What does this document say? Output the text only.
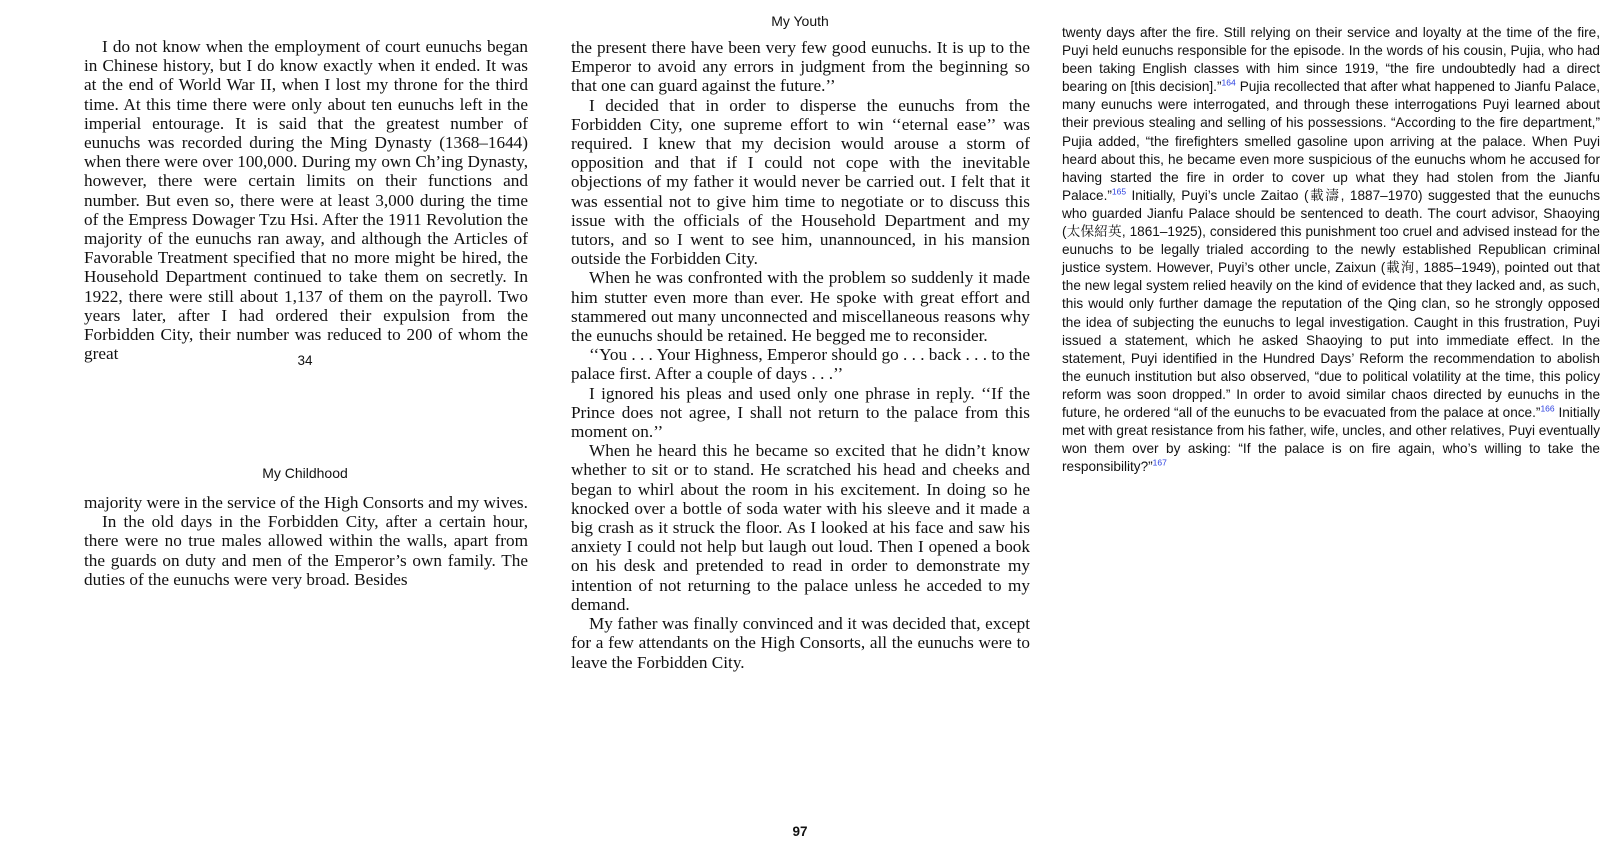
I do not know when the employment of court eunuchs began in Chinese history, but I do know exactly when it ended. It was at the end of World War II, when I lost my throne for the third time. At this time there were only about ten eunuchs left in the imperial entourage. It is said that the greatest number of eunuchs was recorded during the Ming Dynasty (1368–1644) when there were over 100,000. During my own Ch’ing Dynasty, however, there were certain limits on their functions and number. But even so, there were at least 3,000 during the time of the Empress Dowager Tzu Hsi. After the 1911 Revolution the majority of the eunuchs ran away, and although the Articles of Favorable Treatment specified that no more might be hired, the Household Department continued to take them on secretly. In 1922, there were still about 1,137 of them on the payroll. Two years later, after I had ordered their expulsion from the Forbidden City, their number was reduced to 200 of whom the great	34
My Childhood

majority were in the service of the High Consorts and my wives.

In the old days in the Forbidden City, after a certain hour, there were no true males allowed within the walls, apart from the guards on duty and men of the Emperor’s own family. The duties of the eunuchs were very broad. Besides

My Youth

the present there have been very few good eunuchs. It is up to the Emperor to avoid any errors in judgment from the beginning so that one can guard against the future.’’

I decided that in order to disperse the eunuchs from the Forbidden City, one supreme effort to win ‘‘eternal ease’’ was required. I knew that my decision would arouse a storm of opposition and that if I could not cope with the inevitable objections of my father it would never be carried out. I felt that it was essential not to give him time to negotiate or to discuss this issue with the officials of the Household Department and my tutors, and so I went to see him, unannounced, in his mansion outside the Forbidden City.

When he was confronted with the problem so suddenly it made him stutter even more than ever. He spoke with great effort and stammered out many unconnected and miscellaneous reasons why the eunuchs should be retained. He begged me to reconsider.

‘‘You . . . Your Highness, Emperor should go . . . back . . . to the palace first. After a couple of days . . .’’

I ignored his pleas and used only one phrase in reply. ‘‘If the Prince does not agree, I shall not return to the palace from this moment on.’’

When he heard this he became so excited that he didn’t know whether to sit or to stand. He scratched his head and cheeks and began to whirl about the room in his excitement. In doing so he knocked over a bottle of soda water with his sleeve and it made a big crash as it struck the floor. As I looked at his face and saw his anxiety I could not help but laugh out loud. Then I opened a book on his desk and pretended to read in order to demonstrate my intention of not returning to the palace unless he acceded to my demand.

My father was finally convinced and it was decided that, except for a few attendants on the High Consorts, all the eunuchs were to leave the Forbidden City.

97

twenty days after the fire. Still relying on their service and loyalty at the time of the fire, Puyi held eunuchs responsible for the episode. In the words of his cousin, Pujia, who had been taking English classes with him since 1919, “the fire undoubtedly had a direct bearing on [this decision].”$^{164}$ Pujia recollected that after what happened to Jianfu Palace, many eunuchs were interrogated, and through these interrogations Puyi learned about their previous stealing and selling of his possessions. “According to the fire department,” Pujia added, “the firefighters smelled gasoline upon arriving at the palace. When Puyi heard about this, he became even more suspicious of the eunuchs whom he accused for having started the fire in order to cover up what they had stolen from the Jianfu Palace.”$^{165}$ Initially, Puyi’s uncle Zaitao (載濤, 1887–1970) suggested that the eunuchs who guarded Jianfu Palace should be sentenced to death. The court advisor, Shaoying (太保紹英, 1861–1925), considered this punishment too cruel and advised instead for the eunuchs to be legally trialed according to the newly established Republican criminal justice system. However, Puyi’s other uncle, Zaixun (載洵, 1885–1949), pointed out that the new legal system relied heavily on the kind of evidence that they lacked and, as such, this would only further damage the reputation of the Qing clan, so he strongly opposed the idea of subjecting the eunuchs to legal investigation. Caught in this frustration, Puyi issued a statement, which he asked Shaoying to put into immediate effect. In the statement, Puyi identified in the Hundred Days’ Reform the recommendation to abolish the eunuch institution but also observed, “due to political volatility at the time, this policy reform was soon dropped.” In order to avoid similar chaos directed by eunuchs in the future, he ordered “all of the eunuchs to be evacuated from the palace at once.”$^{166}$ Initially met with great resistance from his father, wife, uncles, and other relatives, Puyi eventually won them over by asking: “If the palace is on fire again, who’s willing to take the responsibility?”$^{167}$
